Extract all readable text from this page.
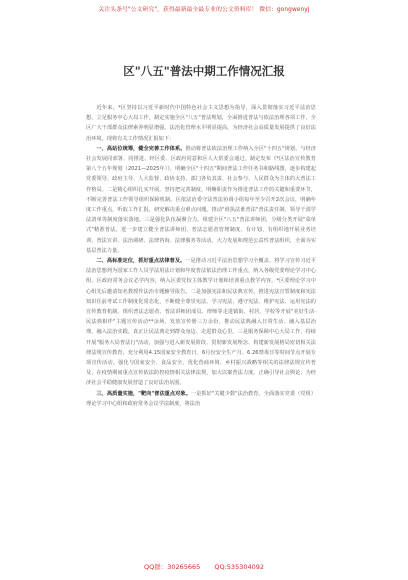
关注头条号"公文研究"，获得最新最全最专业的公文资料库！ 微信：gongwenyj
区"八五"普法中期工作情况汇报

近年来，*区坚持以习近平新时代中国特色社会主义思想为指导，深入贯彻落实习近平法治思想，立足服务中心大局工作，制定实施全区"八五"普法规划，全面推进普法与依法治理各项工作，全区广大干部群众法律素养明显增强，法治化管理水平明显提高，为经济社会高质量发展提供了良好法治环境。现将有关工作情况汇报如下：

一、高站位统筹，健全完善工作体系。推动将普法依法治理工作纳入全区"十四五"规划、与经济社会发展同部署、同推进、经区委、区政府同意和区人大常委会通过，制定发布《*区法治宣传教育第八个五年规划（2021—2025年）》，明确全区"十四五"期间普法工作任务书和路线图，逐步构建起党委领导、政府主导、人大监督、政协支持、部门各负其责、社会参与、人民群众为主体的大普法工作格局。二是精心组织扎实开展。坚持把完善制度、明晰职责作为推进普法工作的关键和重要环节，不断完善普法工作领导组织保障机制。区依法治委守法普法协调小组每年至少召开2次会议，明确年度工作重点，听取工作汇报，研究解决重点难点问题。推动"谁执法谁普法"普法责任制、领导干部学法清单等制度落实落地。三是强化队伍凝聚合力。组建全区"八五"普法讲师团，分级分类开展"菜单式"精准普法，进一步建立健全普法讲师团、普法志愿者管理制度，有计划、有组织地开展业务培训、普法宣讲、法治调研、法律咨询、法律服务等活动。大力发展和规范公益性普法组织，全面夯实基层普法力量。

二、高标准定位，抓好重点法律普及。一是推动习近平法治思想学习全覆盖。将学习宣传习近平法治思想列为国家工作人员学法用法计划和年度普法依法治理工作重点，纳入各级党委理论学习中心组、区政府常务会议必学内容，纳入区委党校主体教学计划和培训重点教学内容。*区委理论学习中心组先后邀请知名教授作法治专题辅导报告。二是加强宪法和民法典宣传。推进宪法宣誓制度和宪法知识任前考试工作制度化常态化，不断健全尊崇宪法、学习宪法、遵守宪法、维护宪法、运用宪法的宣传教育机制。组织普法志愿者、普法讲师团成员、律师等走进镇街、村居、学校等开展"美好生活·民法典相伴"主题宣传活动**余场，发放宣传册三万余份。推动民法典融入日常生活、融入基层治理、融入法治实践，真正让民法典走到群众身边、走进群众心里。三是服务保障中心大局工作，持续开展"服务大局普法行"活动，加强与进入新发展阶段、贯彻新发展理念、构建新发展格局密切相关法律法规宣传教育，充分利用4.15国家安全教育日、6月份安全生产月、6.26禁毒日等时间节点开展专项宣传活动。强化与国家安全、食品安全、优化营商环境、乡村振兴战略等相关的法律法规宣传普及，在疫情期间重点宣传依法防控疫情相关法律法规，加大以案普法力度，正确引导社会舆论，为经济社会平稳健康发展营造了良好法治氛围。

三、高质量实施，"靶向"普法重点对象。一是抓好"关键少数"法治教育。全面落实党委（党组）理论学习中心组和政府常务会议学法制度，将法治

QQ群：30265665 QQ:535304092
